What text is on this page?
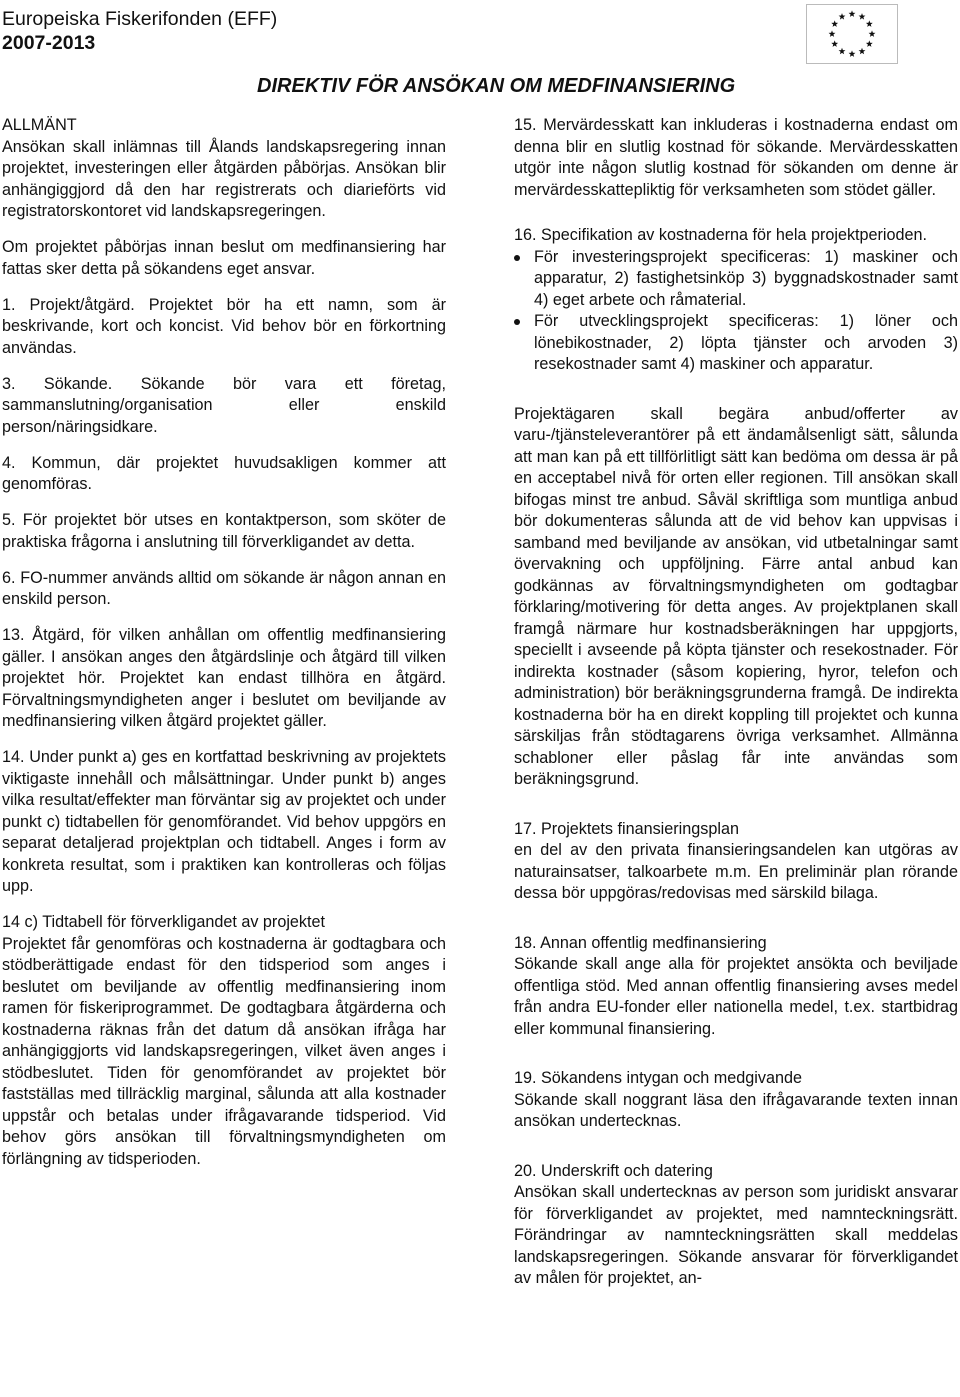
Europeiska Fiskerifonden (EFF)
2007-2013
DIREKTIV FÖR ANSÖKAN OM MEDFINANSIERING

ALLMÄNT
Ansökan skall inlämnas till Ålands landskapsregering innan projektet, investeringen eller åtgärden påbörjas. Ansökan blir anhängiggjord då den har registrerats och diarieförts vid registratorskontoret vid landskapsregeringen.

Om projektet påbörjas innan beslut om medfinansiering har fattas sker detta på sökandens eget ansvar.

1. Projekt/åtgärd. Projektet bör ha ett namn, som är beskrivande, kort och koncist. Vid behov bör en förkortning användas.

3. Sökande. Sökande bör vara ett företag, sammanslutning/organisation eller enskild person/näringsidkare.

4. Kommun, där projektet huvudsakligen kommer att genomföras.

5. För projektet bör utses en kontaktperson, som sköter de praktiska frågorna i anslutning till förverkligandet av detta.

6. FO-nummer används alltid om sökande är någon annan en enskild person.

13. Åtgärd, för vilken anhållan om offentlig medfinansiering gäller. I ansökan anges den åtgärdslinje och åtgärd till vilken projektet hör. Projektet kan endast tillhöra en åtgärd. Förvaltningsmyndigheten anger i beslutet om beviljande av medfinansiering vilken åtgärd projektet gäller.

14. Under punkt a) ges en kortfattad beskrivning av projektets viktigaste innehåll och målsättningar. Under punkt b) anges vilka resultat/effekter man förväntar sig av projektet och under punkt c) tidtabellen för genomförandet. Vid behov uppgörs en separat detaljerad projektplan och tidtabell. Anges i form av konkreta resultat, som i praktiken kan kontrolleras och följas upp.

14 c) Tidtabell för förverkligandet av projektet
Projektet får genomföras och kostnaderna är godtagbara och stödberättigade endast för den tidsperiod som anges i beslutet om beviljande av offentlig medfinansiering inom ramen för fiskeriprogrammet. De godtagbara åtgärderna och kostnaderna räknas från det datum då ansökan ifråga har anhängiggjorts vid landskapsregeringen, vilket även anges i stödbeslutet. Tiden för genomförandet av projektet bör fastställas med tillräcklig marginal, sålunda att alla kostnader uppstår och betalas under ifrågavarande tidsperiod. Vid behov görs ansökan till förvaltningsmyndigheten om förlängning av tidsperioden.

15. Mervärdesskatt kan inkluderas i kostnaderna endast om denna blir en slutlig kostnad för sökande. Mervärdesskatten utgör inte någon slutlig kostnad för sökanden om denne är mervärdesskattepliktig för verksamheten som stödet gäller.

16. Specifikation av kostnaderna för hela projektperioden.

För investeringsprojekt specificeras: 1) maskiner och apparatur, 2) fastighetsinköp 3) byggnadskostnader samt 4) eget arbete och råmaterial.
För utvecklingsprojekt specificeras: 1) löner och lönebikostnader, 2) löpta tjänster och arvoden 3) resekostnader samt 4) maskiner och apparatur.

Projektägaren skall begära anbud/offerter av varu-/tjänsteleverantörer på ett ändamålsenligt sätt, sålunda att man kan på ett tillförlitligt sätt kan bedöma om dessa är på en acceptabel nivå för orten eller regionen. Till ansökan skall bifogas minst tre anbud. Såväl skriftliga som muntliga anbud bör dokumenteras sålunda att de vid behov kan uppvisas i samband med beviljande av ansökan, vid utbetalningar samt övervakning och uppföljning. Färre antal anbud kan godkännas av förvaltningsmyndigheten om godtagbar förklaring/motivering för detta anges. Av projektplanen skall framgå närmare hur kostnadsberäkningen har uppgjorts, speciellt i avseende på köpta tjänster och resekostnader. För indirekta kostnader (såsom kopiering, hyror, telefon och administration) bör beräkningsgrunderna framgå. De indirekta kostnaderna bör ha en direkt koppling till projektet och kunna särskiljas från stödtagarens övriga verksamhet. Allmänna schabloner eller påslag får inte användas som beräkningsgrund.

17. Projektets finansieringsplan
en del av den privata finansieringsandelen kan utgöras av naturainsatser, talkoarbete m.m. En preliminär plan rörande dessa bör uppgöras/redovisas med särskild bilaga.

18. Annan offentlig medfinansiering
Sökande skall ange alla för projektet ansökta och beviljade offentliga stöd. Med annan offentlig finansiering avses medel från andra EU-fonder eller nationella medel, t.ex. startbidrag eller kommunal finansiering.

19. Sökandens intygan och medgivande
Sökande skall noggrant läsa den ifrågavarande texten innan ansökan undertecknas.

20. Underskrift och datering
Ansökan skall undertecknas av person som juridiskt ansvarar för förverkligandet av projektet, med namnteckningsrätt. Förändringar av namnteckningsrätten skall meddelas landskapsregeringen. Sökande ansvarar för förverkligandet av målen för projektet, an-
